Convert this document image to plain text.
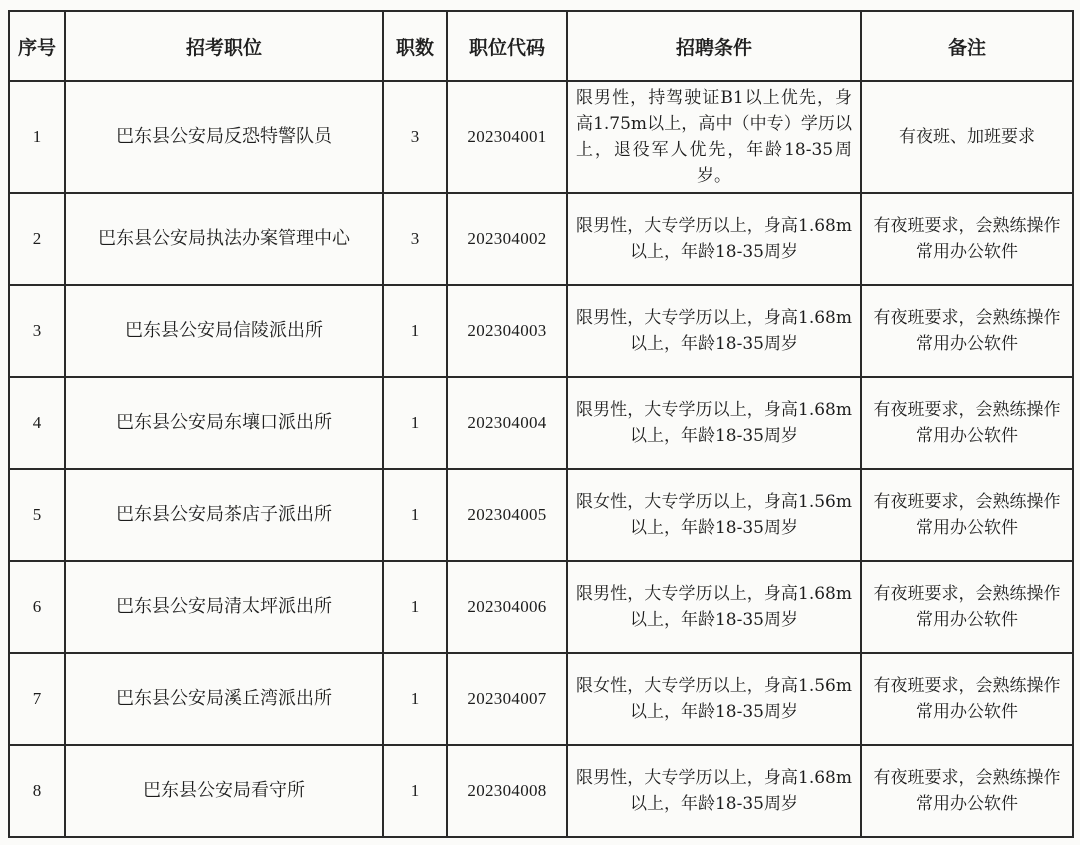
序号	招考职位	职数	职位代码	招聘条件	备注
1	巴东县公安局反恐特警队员	3	202304001	限男性，持驾驶证B1以上优先，身高1.75m以上，高中（中专）学历以上，退役军人优先，年龄18-35周岁。	有夜班、加班要求
2	巴东县公安局执法办案管理中心	3	202304002	限男性，大专学历以上，身高1.68m以上，年龄18-35周岁	有夜班要求，会熟练操作常用办公软件
3	巴东县公安局信陵派出所	1	202304003	限男性，大专学历以上，身高1.68m以上，年龄18-35周岁	有夜班要求，会熟练操作常用办公软件
4	巴东县公安局东壤口派出所	1	202304004	限男性，大专学历以上，身高1.68m以上，年龄18-35周岁	有夜班要求，会熟练操作常用办公软件
5	巴东县公安局茶店子派出所	1	202304005	限女性，大专学历以上，身高1.56m以上，年龄18-35周岁	有夜班要求，会熟练操作常用办公软件
6	巴东县公安局清太坪派出所	1	202304006	限男性，大专学历以上，身高1.68m以上，年龄18-35周岁	有夜班要求，会熟练操作常用办公软件
7	巴东县公安局溪丘湾派出所	1	202304007	限女性，大专学历以上，身高1.56m以上，年龄18-35周岁	有夜班要求，会熟练操作常用办公软件
8	巴东县公安局看守所	1	202304008	限男性，大专学历以上，身高1.68m以上，年龄18-35周岁	有夜班要求，会熟练操作常用办公软件
